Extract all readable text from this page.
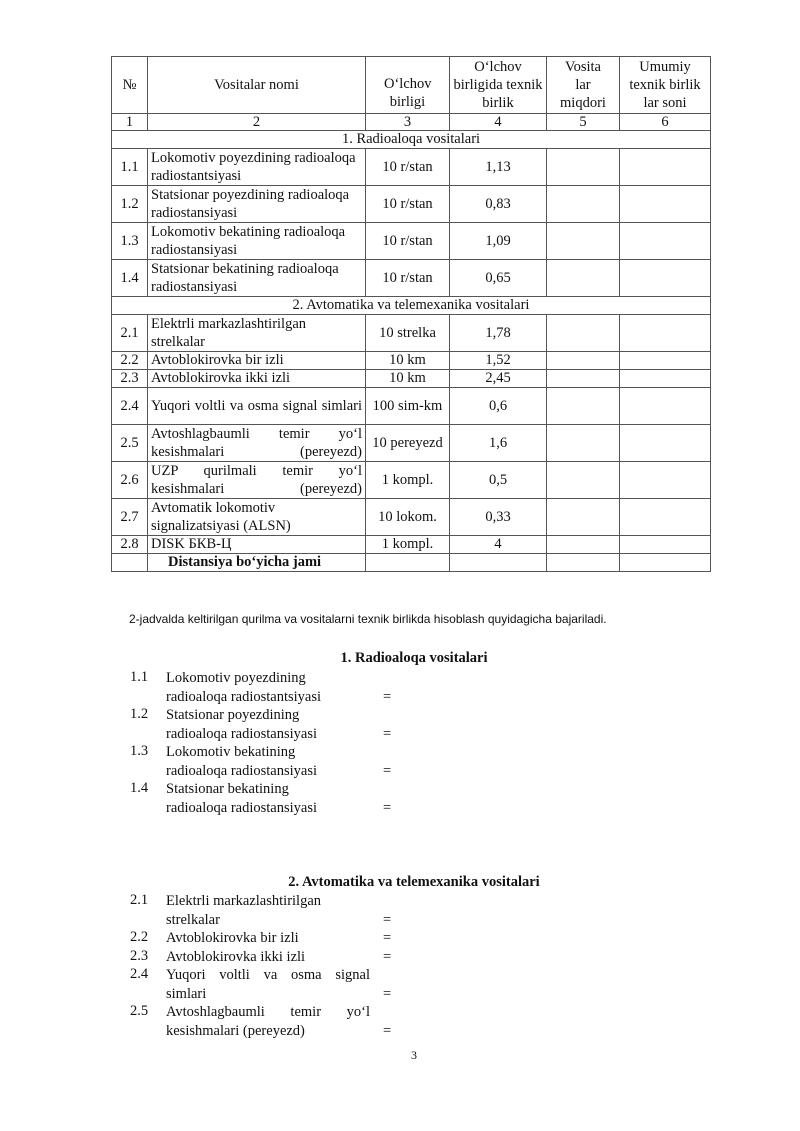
№	Vositalar nomi	O‘lchov birligi	O‘lchov birligida texnik birlik	Vosita lar miqdori	Umumiy texnik birlik lar soni
1	2	3	4	5	6
1. Radioaloqa vositalari					
1.1	Lokomotiv poyezdining radioaloqa radiostantsiyasi	10 r/stan	1,13		
1.2	Statsionar poyezdining radioaloqa radiostansiyasi	10 r/stan	0,83		
1.3	Lokomotiv bekatining radioaloqa radiostansiyasi	10 r/stan	1,09		
1.4	Statsionar bekatining radioaloqa radiostansiyasi	10 r/stan	0,65		
2. Avtomatika va telemexanika vositalari					
2.1	Elektrli markazlashtirilgan strelkalar	10 strelka	1,78		
2.2	Avtoblokirovka bir izli	10 km	1,52		
2.3	Avtoblokirovka ikki izli	10 km	2,45		
2.4	Yuqori voltli va osma signal simlari	100 sim-km	0,6		
2.5	Avtoshlagbaumli temir yo‘l kesishmalari (pereyezd)	10 pereyezd	1,6		
2.6	UZP qurilmali temir yo‘l kesishmalari (pereyezd)	1 kompl.	0,5		
2.7	Avtomatik lokomotiv signalizatsiyasi (ALSN)	10 lokom.	0,33		
2.8	DISK БКВ-Ц	1 kompl.	4		
	Distansiya bo‘yicha jami				
2-jadvalda keltirilgan qurilma va vositalarni texnik birlikda hisoblash quyidagicha bajariladi.
1. Radioaloqa vositalari
1.1 Lokomotiv poyezdining
radioaloqa radiostantsiyasi	=
1.2 Statsionar poyezdining
radioaloqa radiostansiyasi	=
1.3 Lokomotiv bekatining
radioaloqa radiostansiyasi	=
1.4 Statsionar bekatining
radioaloqa radiostansiyasi	=
2. Avtomatika va telemexanika vositalari
2.1 Elektrli markazlashtirilgan
strelkalar	=
2.2 Avtoblokirovka bir izli	=
2.3 Avtoblokirovka ikki izli	=
2.4 Yuqori voltli va osma signal
simlari	=
2.5 Avtoshlagbaumli temir yo‘l
kesishmalari (pereyezd)	=
3
